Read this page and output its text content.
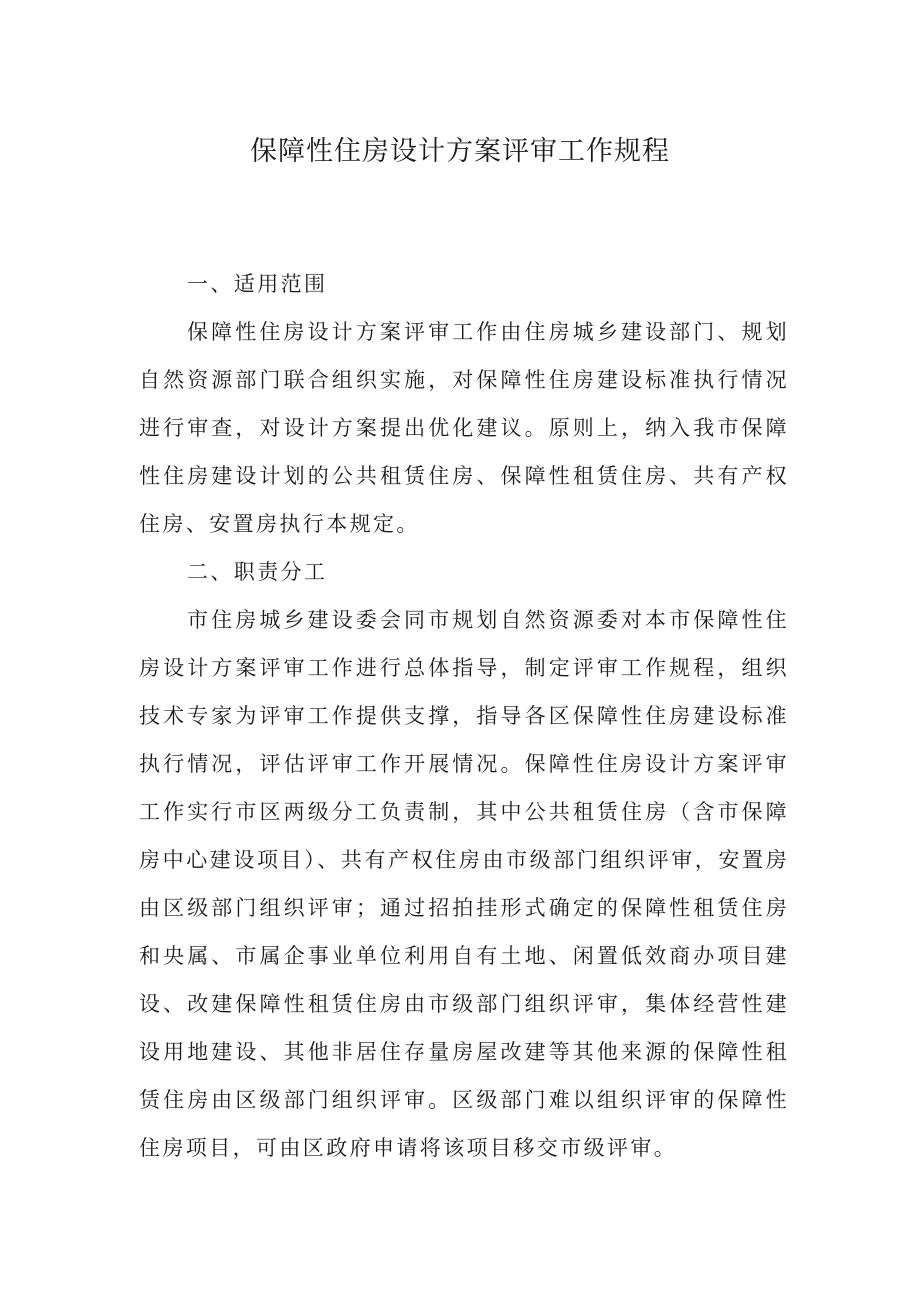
保障性住房设计方案评审工作规程
一、适用范围

保障性住房设计方案评审工作由住房城乡建设部门、规划自然资源部门联合组织实施，对保障性住房建设标准执行情况进行审查，对设计方案提出优化建议。原则上，纳入我市保障性住房建设计划的公共租赁住房、保障性租赁住房、共有产权住房、安置房执行本规定。

二、职责分工

市住房城乡建设委会同市规划自然资源委对本市保障性住房设计方案评审工作进行总体指导，制定评审工作规程，组织技术专家为评审工作提供支撑，指导各区保障性住房建设标准执行情况，评估评审工作开展情况。保障性住房设计方案评审工作实行市区两级分工负责制，其中公共租赁住房（含市保障房中心建设项目）、共有产权住房由市级部门组织评审，安置房由区级部门组织评审；通过招拍挂形式确定的保障性租赁住房和央属、市属企事业单位利用自有土地、闲置低效商办项目建设、改建保障性租赁住房由市级部门组织评审，集体经营性建设用地建设、其他非居住存量房屋改建等其他来源的保障性租赁住房由区级部门组织评审。区级部门难以组织评审的保障性住房项目，可由区政府申请将该项目移交市级评审。
